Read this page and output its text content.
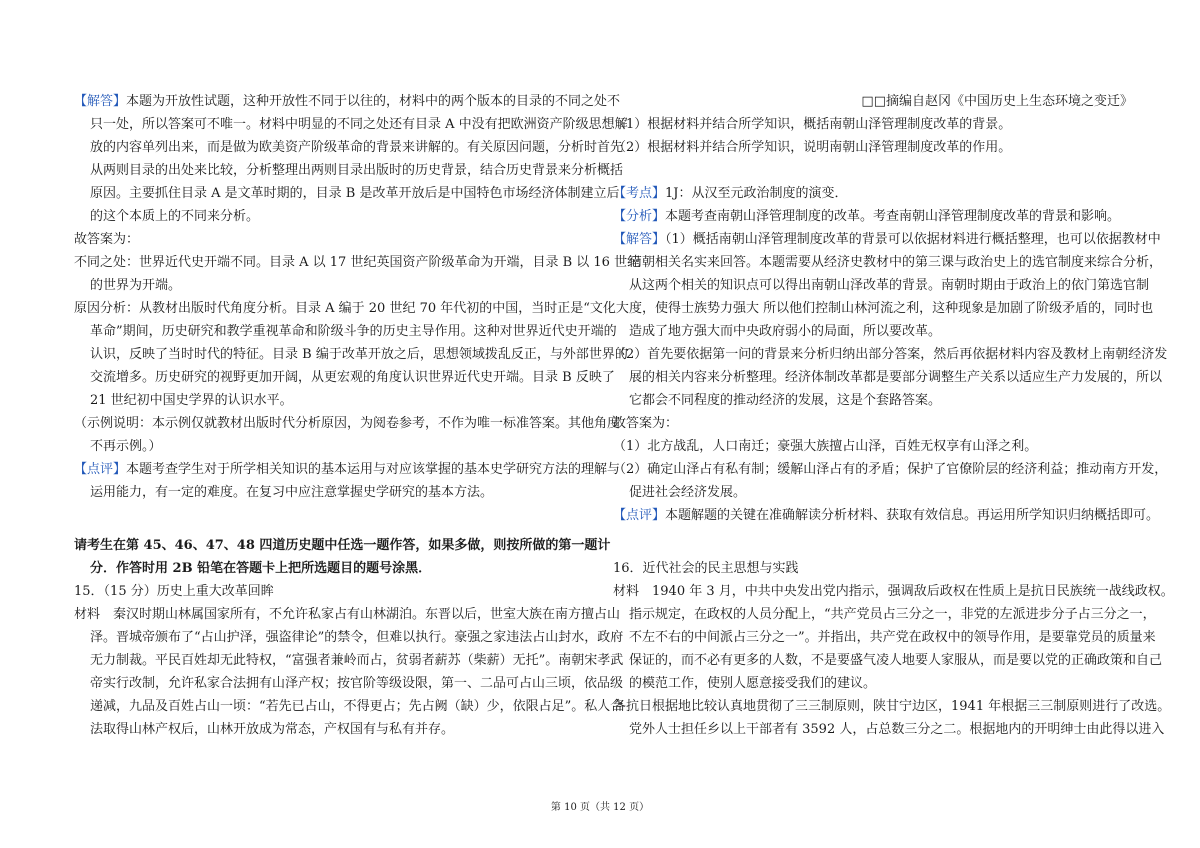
【解答】本题为开放性试题，这种开放性不同于以往的，材料中的两个版本的目录的不同之处不
只一处，所以答案可不唯一。材料中明显的不同之处还有目录 A 中没有把欧洲资产阶级思想解
放的内容单列出来，而是做为欧美资产阶级革命的背景来讲解的。有关原因问题，分析时首先
从两则目录的出处来比较，分析整理出两则目录出版时的历史背景，结合历史背景来分析概括
原因。主要抓住目录 A 是文革时期的，目录 B 是改革开放后是中国特色市场经济体制建立后
的这个本质上的不同来分析。
故答案为：
不同之处：世界近代史开端不同。目录 A 以 17 世纪英国资产阶级革命为开端，目录 B 以 16 世纪
的世界为开端。
原因分析：从教材出版时代角度分析。目录 A 编于 20 世纪 70 年代初的中国，当时正是“文化大
革命”期间，历史研究和教学重视革命和阶级斗争的历史主导作用。这种对世界近代史开端的
认识，反映了当时时代的特征。目录 B 编于改革开放之后，思想领域拨乱反正，与外部世界的
交流增多。历史研究的视野更加开阔，从更宏观的角度认识世界近代史开端。目录 B 反映了
21 世纪初中国史学界的认识水平。
（示例说明：本示例仅就教材出版时代分析原因，为阅卷参考，不作为唯一标准答案。其他角度
不再示例。）
【点评】本题考查学生对于所学相关知识的基本运用与对应该掌握的基本史学研究方法的理解与
运用能力，有一定的难度。在复习中应注意掌握史学研究的基本方法。
请考生在第 45、46、47、48 四道历史题中任选一题作答，如果多做，则按所做的第一题计
分．作答时用 2B 铅笔在答题卡上把所选题目的题号涂黑．
15．（15 分）历史上重大改革回眸
材料　秦汉时期山林属国家所有，不允许私家占有山林湖泊。东晋以后，世室大族在南方擅占山
泽。晋城帝颁布了“占山护泽，强盗律论”的禁令，但难以执行。豪强之家违法占山封水，政府
无力制裁。平民百姓却无此特权，“富强者兼岭而占，贫弱者薪苏（柴薪）无托”。南朝宋孝武
帝实行改制，允许私家合法拥有山泽产权；按官阶等级设限，第一、二品可占山三顷，依品级
递减，九品及百姓占山一顷：“若先已占山，不得更占；先占阙（缺）少，依限占足”。私人合
法取得山林产权后，山林开放成为常态，产权国有与私有并存。
□□摘编自赵冈《中国历史上生态环境之变迁》
（1）根据材料并结合所学知识，概括南朝山泽管理制度改革的背景。
（2）根据材料并结合所学知识，说明南朝山泽管理制度改革的作用。
【考点】1J：从汉至元政治制度的演变．
【分析】本题考查南朝山泽管理制度的改革。考查南朝山泽管理制度改革的背景和影响。
【解答】（1）概括南朝山泽管理制度改革的背景可以依据材料进行概括整理，也可以依据教材中
南朝相关名实来回答。本题需要从经济史教材中的第三课与政治史上的选官制度来综合分析，
从这两个相关的知识点可以得出南朝山泽改革的背景。南朝时期由于政治上的依门第选官制
度，使得士族势力强大 所以他们控制山林河流之利，这种现象是加剧了阶级矛盾的，同时也
造成了地方强大而中央政府弱小的局面，所以要改革。
（2）首先要依据第一问的背景来分析归纳出部分答案，然后再依据材料内容及教材上南朝经济发
展的相关内容来分析整理。经济体制改革都是要部分调整生产关系以适应生产力发展的，所以
它都会不同程度的推动经济的发展，这是个套路答案。
故答案为：
（1）北方战乱，人口南迁；豪强大族擅占山泽，百姓无权享有山泽之利。
（2）确定山泽占有私有制；缓解山泽占有的矛盾；保护了官僚阶层的经济利益；推动南方开发，
促进社会经济发展。
【点评】本题解题的关键在准确解读分析材料、获取有效信息。再运用所学知识归纳概括即可。
16．近代社会的民主思想与实践
材料　1940 年 3 月，中共中央发出党内指示，强调敌后政权在性质上是抗日民族统一战线政权。
指示规定，在政权的人员分配上，“共产党员占三分之一，非党的左派进步分子占三分之一，
不左不右的中间派占三分之一”。并指出，共产党在政权中的领导作用，是要靠党员的质量来
保证的，而不必有更多的人数，不是要盛气凌人地要人家服从，而是要以党的正确政策和自己
的模范工作，使别人愿意接受我们的建议。
各抗日根据地比较认真地贯彻了三三制原则，陕甘宁边区，1941 年根据三三制原则进行了改选。
党外人士担任乡以上干部者有 3592 人，占总数三分之二。根据地内的开明绅士由此得以进入
第 10 页（共 12 页）
